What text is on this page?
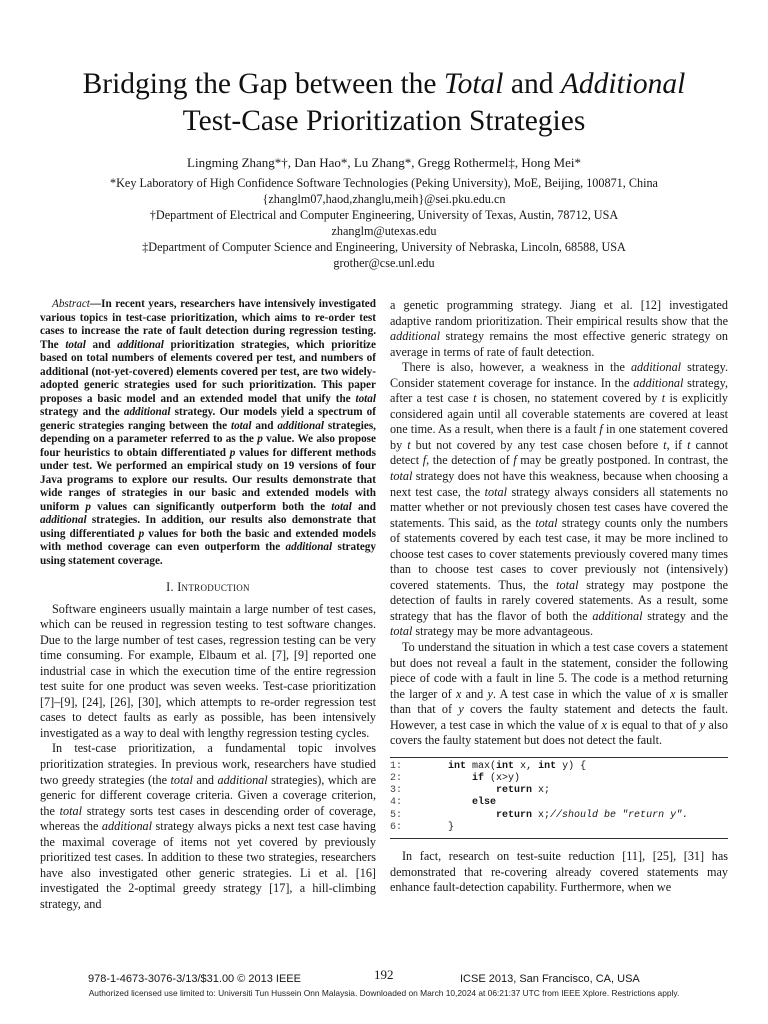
Bridging the Gap between the Total and Additional
Test-Case Prioritization Strategies
Lingming Zhang*†, Dan Hao*, Lu Zhang*, Gregg Rothermel‡, Hong Mei*
*Key Laboratory of High Confidence Software Technologies (Peking University), MoE, Beijing, 100871, China
{zhanglm07,haod,zhanglu,meih}@sei.pku.edu.cn
†Department of Electrical and Computer Engineering, University of Texas, Austin, 78712, USA
zhanglm@utexas.edu
‡Department of Computer Science and Engineering, University of Nebraska, Lincoln, 68588, USA
grother@cse.unl.edu

Abstract—In recent years, researchers have intensively investigated various topics in test-case prioritization, which aims to re-order test cases to increase the rate of fault detection during regression testing. The total and additional prioritization strategies, which prioritize based on total numbers of elements covered per test, and numbers of additional (not-yet-covered) elements covered per test, are two widely-adopted generic strategies used for such prioritization. This paper proposes a basic model and an extended model that unify the total strategy and the additional strategy. Our models yield a spectrum of generic strategies ranging between the total and additional strategies, depending on a parameter referred to as the p value. We also propose four heuristics to obtain differentiated p values for different methods under test. We performed an empirical study on 19 versions of four Java programs to explore our results. Our results demonstrate that wide ranges of strategies in our basic and extended models with uniform p values can significantly outperform both the total and additional strategies. In addition, our results also demonstrate that using differentiated p values for both the basic and extended models with method coverage can even outperform the additional strategy using statement coverage.

I. Introduction

Software engineers usually maintain a large number of test cases, which can be reused in regression testing to test software changes. Due to the large number of test cases, regression testing can be very time consuming. For example, Elbaum et al. [7], [9] reported one industrial case in which the execution time of the entire regression test suite for one product was seven weeks. Test-case prioritization [7]–[9], [24], [26], [30], which attempts to re-order regression test cases to detect faults as early as possible, has been intensively investigated as a way to deal with lengthy regression testing cycles.

In test-case prioritization, a fundamental topic involves prioritization strategies. In previous work, researchers have studied two greedy strategies (the total and additional strategies), which are generic for different coverage criteria. Given a coverage criterion, the total strategy sorts test cases in descending order of coverage, whereas the additional strategy always picks a next test case having the maximal coverage of items not yet covered by previously prioritized test cases. In addition to these two strategies, researchers have also investigated other generic strategies. Li et al. [16] investigated the 2-optimal greedy strategy [17], a hill-climbing strategy, and

a genetic programming strategy. Jiang et al. [12] investigated adaptive random prioritization. Their empirical results show that the additional strategy remains the most effective generic strategy on average in terms of rate of fault detection.

There is also, however, a weakness in the additional strategy. Consider statement coverage for instance. In the additional strategy, after a test case t is chosen, no statement covered by t is explicitly considered again until all coverable statements are covered at least one time. As a result, when there is a fault f in one statement covered by t but not covered by any test case chosen before t, if t cannot detect f, the detection of f may be greatly postponed. In contrast, the total strategy does not have this weakness, because when choosing a next test case, the total strategy always considers all statements no matter whether or not previously chosen test cases have covered the statements. This said, as the total strategy counts only the numbers of statements covered by each test case, it may be more inclined to choose test cases to cover statements previously covered many times than to choose test cases to cover previously not (intensively) covered statements. Thus, the total strategy may postpone the detection of faults in rarely covered statements. As a result, some strategy that has the flavor of both the additional strategy and the total strategy may be more advantageous.

To understand the situation in which a test case covers a statement but does not reveal a fault in the statement, consider the following piece of code with a fault in line 5. The code is a method returning the larger of x and y. A test case in which the value of x is smaller than that of y covers the faulty statement and detects the fault. However, a test case in which the value of x is equal to that of y also covers the faulty statement but does not detect the fault.

1:
	int max( int x, int y) {
2:
	if (x>y)
3:
	return x;
4:
	else
5:
	return x; //should be "return y".
6:
	}

In fact, research on test-suite reduction [11], [25], [31] has demonstrated that re-covering already covered statements may enhance fault-detection capability. Furthermore, when we

978-1-4673-3076-3/13/$31.00 © 2013 IEEE	192	ICSE 2013, San Francisco, CA, USA
Authorized licensed use limited to: Universiti Tun Hussein Onn Malaysia. Downloaded on March 10,2024 at 06:21:37 UTC from IEEE Xplore. Restrictions apply.
